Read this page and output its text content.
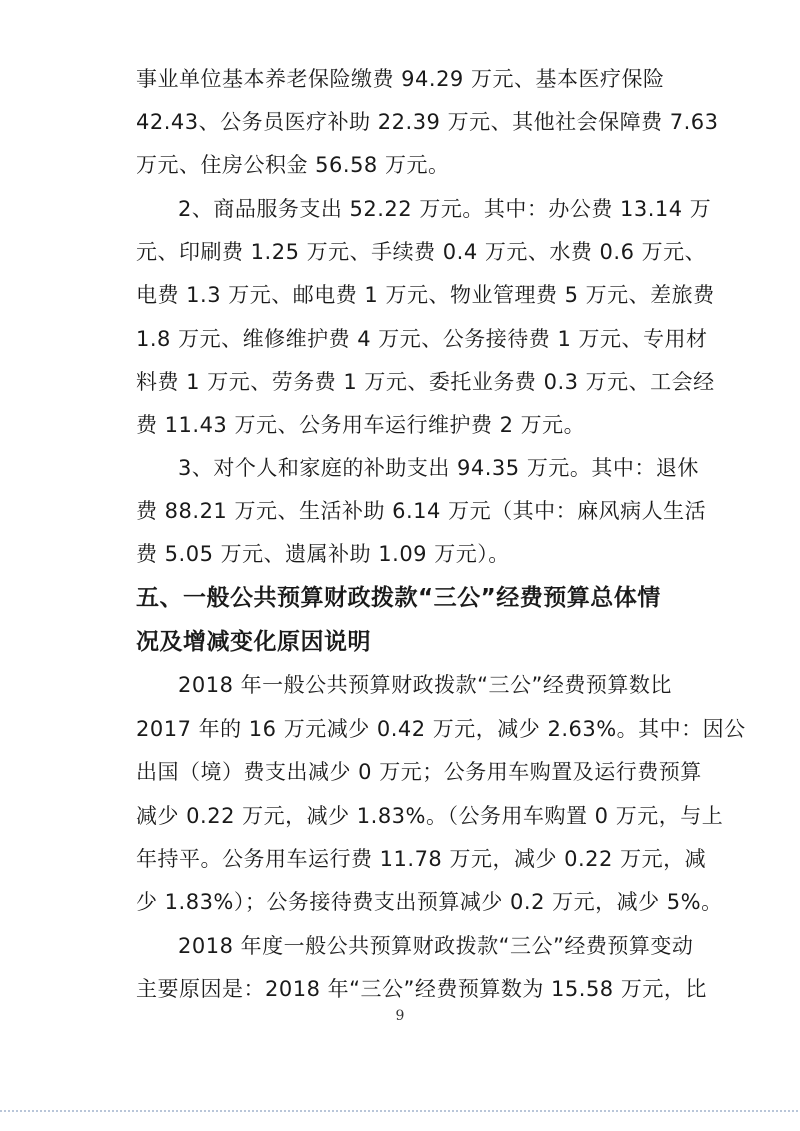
事业单位基本养老保险缴费 94.29 万元、基本医疗保险
42.43、公务员医疗补助 22.39 万元、其他社会保障费 7.63
万元、住房公积金 56.58 万元。
2、商品服务支出 52.22 万元。其中：办公费 13.14 万
元、印刷费 1.25 万元、手续费 0.4 万元、水费 0.6 万元、
电费 1.3 万元、邮电费 1 万元、物业管理费 5 万元、差旅费
1.8 万元、维修维护费 4 万元、公务接待费 1 万元、专用材
料费 1 万元、劳务费 1 万元、委托业务费 0.3 万元、工会经
费 11.43 万元、公务用车运行维护费 2 万元。
3、对个人和家庭的补助支出 94.35 万元。其中：退休
费 88.21 万元、生活补助 6.14 万元（其中：麻风病人生活
费 5.05 万元、遗属补助 1.09 万元）。
五、一般公共预算财政拨款“三公”经费预算总体情
况及增减变化原因说明
2018 年一般公共预算财政拨款“三公”经费预算数比
2017 年的 16 万元减少 0.42 万元，减少 2.63%。其中：因公
出国（境）费支出减少 0 万元；公务用车购置及运行费预算
减少 0.22 万元，减少 1.83%。（公务用车购置 0 万元，与上
年持平。公务用车运行费 11.78 万元，减少 0.22 万元，减
少 1.83%）；公务接待费支出预算减少 0.2 万元，减少 5%。
2018 年度一般公共预算财政拨款“三公”经费预算变动
主要原因是：2018 年“三公”经费预算数为 15.58 万元，比
9
